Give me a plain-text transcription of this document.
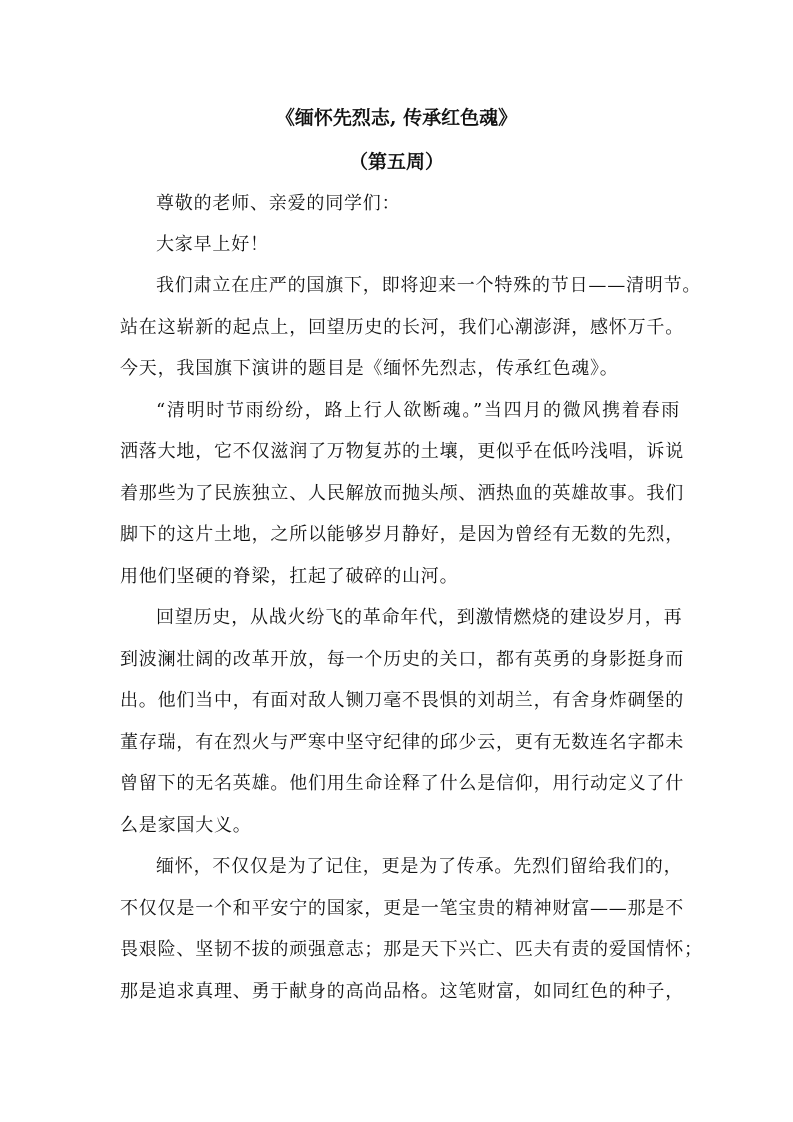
《缅怀先烈志, 传承红色魂》
（第五周）
尊敬的老师、亲爱的同学们：
大家早上好！
我们肃立在庄严的国旗下，即将迎来一个特殊的节日——清明节。
站在这崭新的起点上，回望历史的长河，我们心潮澎湃，感怀万千。
今天，我国旗下演讲的题目是《缅怀先烈志，传承红色魂》。
“清明时节雨纷纷，路上行人欲断魂。”当四月的微风携着春雨
洒落大地，它不仅滋润了万物复苏的土壤，更似乎在低吟浅唱，诉说
着那些为了民族独立、人民解放而抛头颅、洒热血的英雄故事。我们
脚下的这片土地，之所以能够岁月静好，是因为曾经有无数的先烈，
用他们坚硬的脊梁，扛起了破碎的山河。
回望历史，从战火纷飞的革命年代，到激情燃烧的建设岁月，再
到波澜壮阔的改革开放，每一个历史的关口，都有英勇的身影挺身而
出。他们当中，有面对敌人铡刀毫不畏惧的刘胡兰，有舍身炸碉堡的
董存瑞，有在烈火与严寒中坚守纪律的邱少云，更有无数连名字都未
曾留下的无名英雄。他们用生命诠释了什么是信仰，用行动定义了什
么是家国大义。
缅怀，不仅仅是为了记住，更是为了传承。先烈们留给我们的，
不仅仅是一个和平安宁的国家，更是一笔宝贵的精神财富——那是不
畏艰险、坚韧不拔的顽强意志；那是天下兴亡、匹夫有责的爱国情怀；
那是追求真理、勇于献身的高尚品格。这笔财富，如同红色的种子，
